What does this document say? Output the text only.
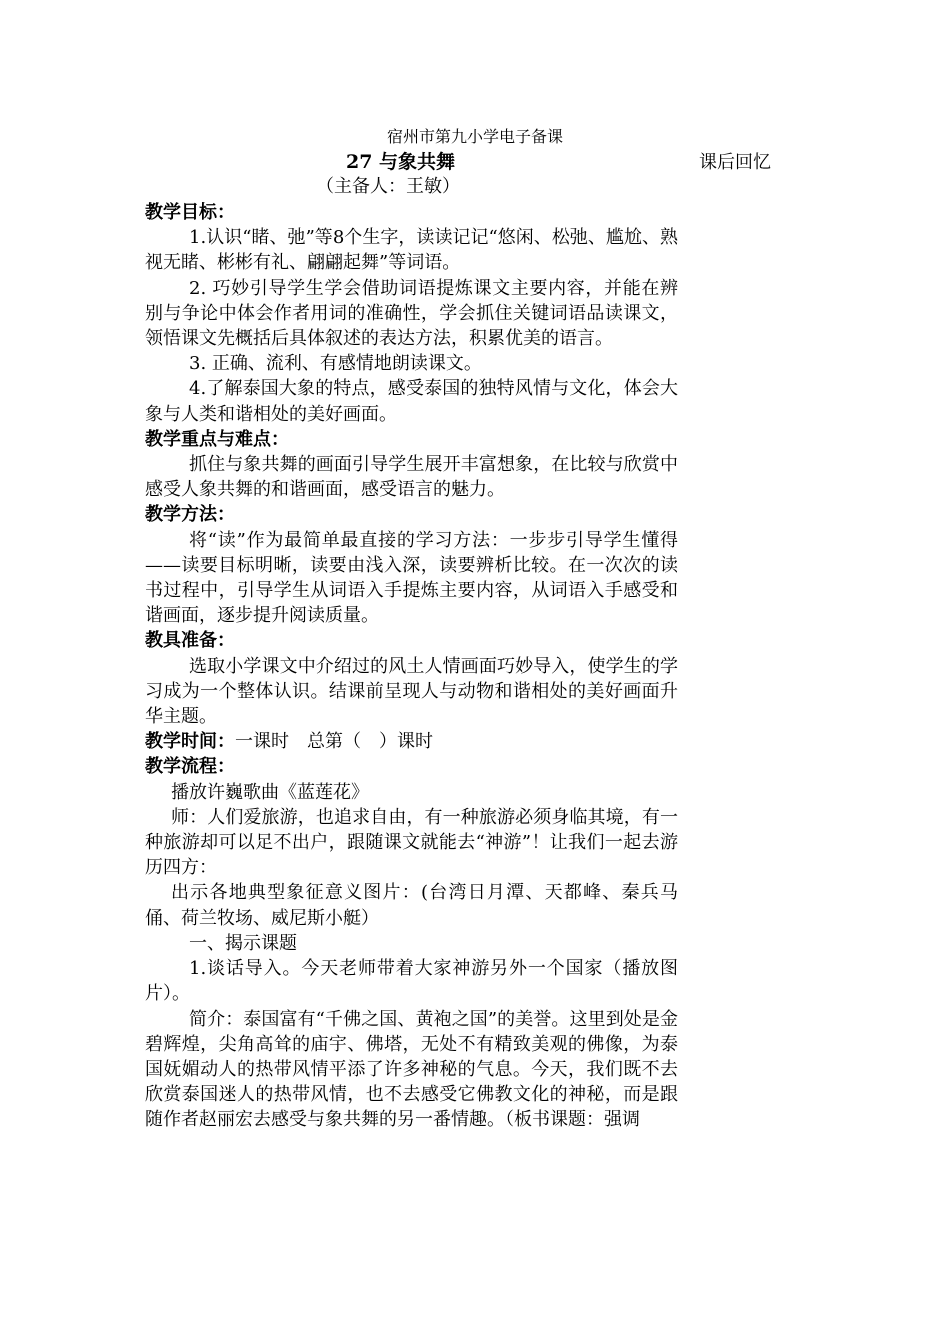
宿州市第九小学电子备课
27 与象共舞	课后回忆
（主备人：王敏）

教学目标：

1.认识“睹、弛”等8个生字，读读记记“悠闲、松弛、尴尬、熟视无睹、彬彬有礼、翩翩起舞”等词语。

2. 巧妙引导学生学会借助词语提炼课文主要内容，并能在辨别与争论中体会作者用词的准确性，学会抓住关键词语品读课文，领悟课文先概括后具体叙述的表达方法，积累优美的语言。

3. 正确、流利、有感情地朗读课文。

4.了解泰国大象的特点，感受泰国的独特风情与文化，体会大象与人类和谐相处的美好画面。

教学重点与难点：

抓住与象共舞的画面引导学生展开丰富想象，在比较与欣赏中感受人象共舞的和谐画面，感受语言的魅力。

教学方法：

将“读”作为最简单最直接的学习方法：一步步引导学生懂得——读要目标明晰，读要由浅入深，读要辨析比较。在一次次的读书过程中，引导学生从词语入手提炼主要内容，从词语入手感受和谐画面，逐步提升阅读质量。

教具准备：

选取小学课文中介绍过的风土人情画面巧妙导入，使学生的学习成为一个整体认识。结课前呈现人与动物和谐相处的美好画面升华主题。

教学时间：一课时　总第（　）课时

教学流程：

播放许巍歌曲《蓝莲花》

师：人们爱旅游，也追求自由，有一种旅游必须身临其境，有一种旅游却可以足不出户，跟随课文就能去“神游”！让我们一起去游历四方：

出示各地典型象征意义图片：(台湾日月潭、天都峰、秦兵马俑、荷兰牧场、威尼斯小艇）

一、揭示课题

1.谈话导入。今天老师带着大家神游另外一个国家（播放图片）。

简介：泰国富有“千佛之国、黄袍之国”的美誉。这里到处是金碧辉煌，尖角高耸的庙宇、佛塔，无处不有精致美观的佛像，为泰国妩媚动人的热带风情平添了许多神秘的气息。今天，我们既不去欣赏泰国迷人的热带风情，也不去感受它佛教文化的神秘，而是跟随作者赵丽宏去感受与象共舞的另一番情趣。（板书课题：强调
